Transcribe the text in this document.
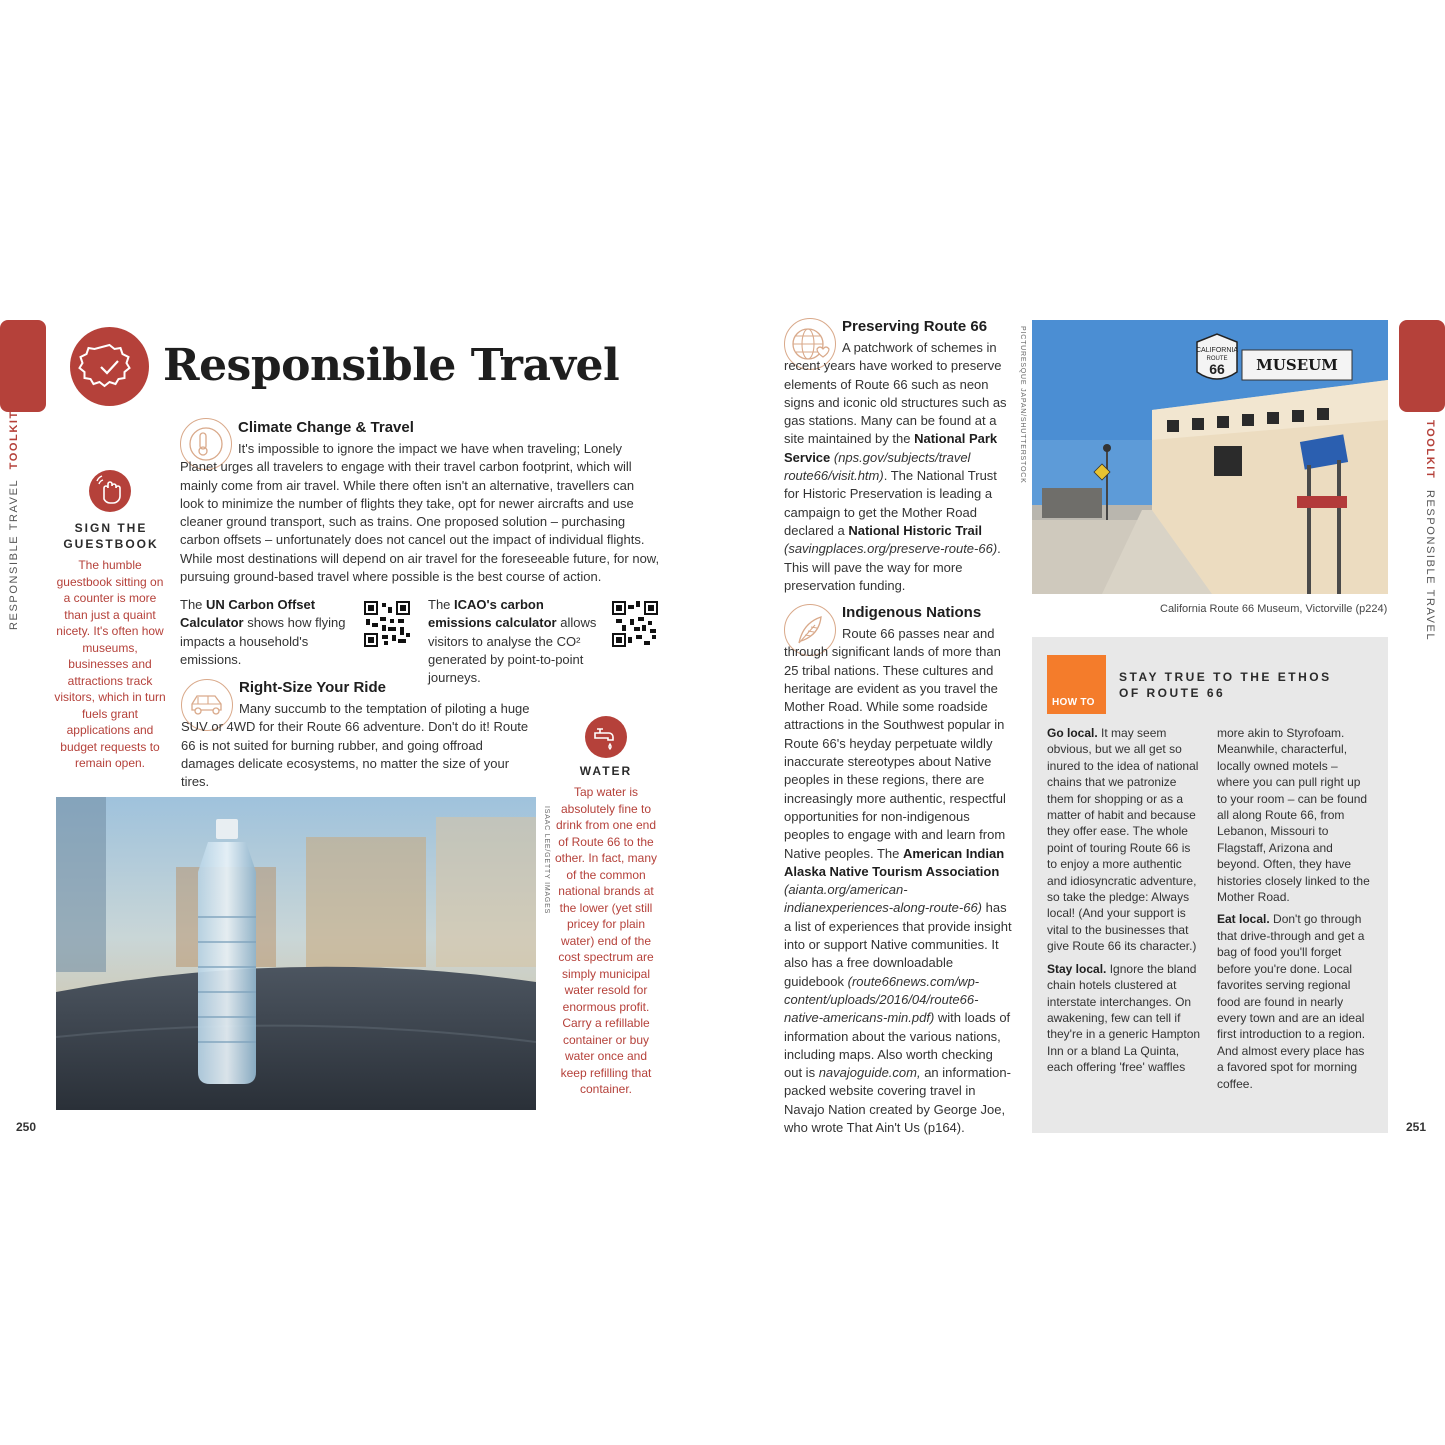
RESPONSIBLE TRAVEL  TOOLKIT	TOOLKIT RESPONSIBLE TRAVEL
Responsible Travel
Climate Change & Travel
It's impossible to ignore the impact we have when traveling; Lonely Planet urges all travelers to engage with their travel carbon footprint, which will mainly come from air travel. While there often isn't an alternative, travellers can look to minimize the number of flights they take, opt for newer aircrafts and use cleaner ground transport, such as trains. One proposed solution – purchasing carbon offsets – unfortunately does not cancel out the impact of individual flights. While most destinations will depend on air travel for the foreseeable future, for now, pursuing ground-based travel where possible is the best course of action.
The UN Carbon Offset Calculator shows how flying impacts a household's emissions.
The ICAO's carbon emissions calculator allows visitors to analyse the CO² generated by point-to-point journeys.
Right-Size Your Ride
Many succumb to the temptation of piloting a huge SUV or 4WD for their Route 66 adventure. Don't do it! Route 66 is not suited for burning rubber, and going offroad damages delicate ecosystems, no matter the size of your tires.
SIGN THE GUESTBOOK
The humble guestbook sitting on a counter is more than just a quaint nicety. It's often how museums, businesses and attractions track visitors, which in turn fuels grant applications and budget requests to remain open.
WATER
Tap water is absolutely fine to drink from one end of Route 66 to the other. In fact, many of the common national brands at the lower (yet still pricey for plain water) end of the cost spectrum are simply municipal water resold for enormous profit. Carry a refillable container or buy water once and keep refilling that container.
ISAAC LEE/GETTY IMAGES
250
Preserving Route 66
A patchwork of schemes in recent years have worked to preserve elements of Route 66 such as neon signs and iconic old structures such as gas stations. Many can be found at a site maintained by the National Park Service (nps.gov/subjects/travel route66/visit.htm). The National Trust for Historic Preservation is leading a campaign to get the Mother Road declared a National Historic Trail (savingplaces.org/preserve-route-66). This will pave the way for more preservation funding.
Indigenous Nations
Route 66 passes near and through significant lands of more than 25 tribal nations. These cultures and heritage are evident as you travel the Mother Road. While some roadside attractions in the Southwest popular in Route 66's heyday perpetuate wildly inaccurate stereotypes about Native peoples in these regions, there are increasingly more authentic, respectful opportunities for non-indigenous peoples to engage with and learn from Native peoples. The American Indian Alaska Native Tourism Association (aianta.org/american-indianexperiences-along-route-66) has a list of experiences that provide insight into or support Native communities. It also has a free downloadable guidebook (route66news.com/wp-content/uploads/2016/04/route66-native-americans-min.pdf) with loads of information about the various nations, including maps. Also worth checking out is navajoguide.com, an information-packed website covering travel in Navajo Nation created by George Joe, who wrote That Ain't Us (p164).
MUSEUM
CALIFORNIA
ROUTE
66
PICTURESQUE JAPAN/SHUTTERSTOCK
California Route 66 Museum, Victorville (p224)
HOW TO
STAY TRUE TO THE ETHOS
OF ROUTE 66

Go local. It may seem obvious, but we all get so inured to the idea of national chains that we patronize them for shopping or as a matter of habit and because they offer ease. The whole point of touring Route 66 is to enjoy a more authentic and idiosyncratic adventure, so take the pledge: Always local! (And your support is vital to the businesses that give Route 66 its character.)

Stay local. Ignore the bland chain hotels clustered at interstate interchanges. On awakening, few can tell if they're in a generic Hampton Inn or a bland La Quinta, each offering 'free' waffles

more akin to Styrofoam. Meanwhile, characterful, locally owned motels – where you can pull right up to your room – can be found all along Route 66, from Lebanon, Missouri to Flagstaff, Arizona and beyond. Often, they have histories closely linked to the Mother Road.

Eat local. Don't go through that drive-through and get a bag of food you'll forget before you're done. Local favorites serving regional food are found in nearly every town and are an ideal first introduction to a region. And almost every place has a favored spot for morning coffee.

251
